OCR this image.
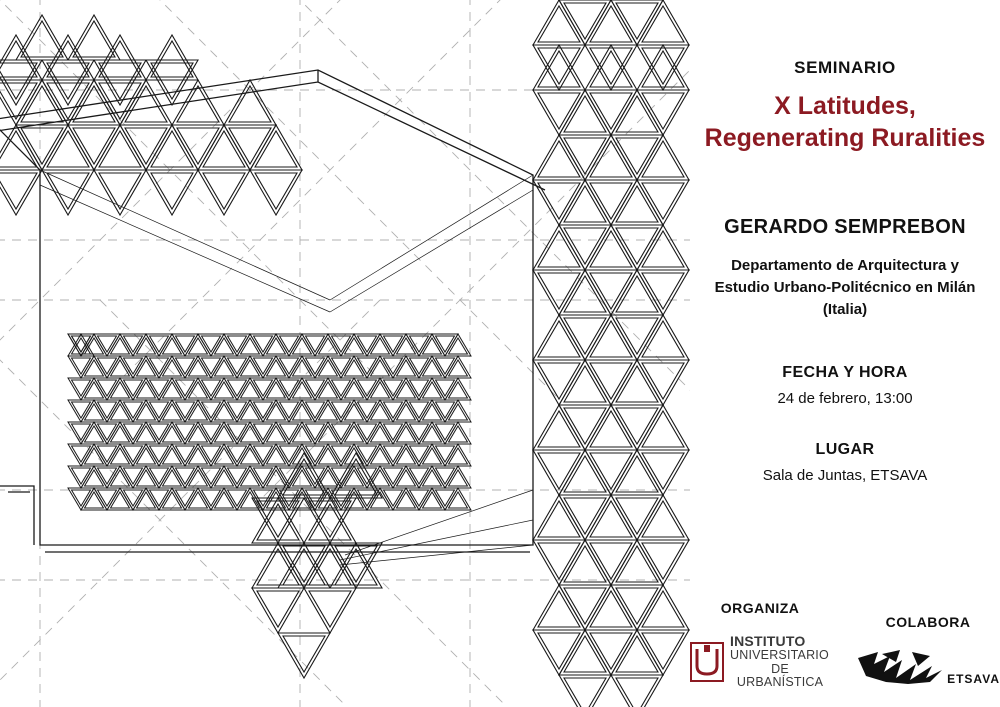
SEMINARIO
X Latitudes,
Regenerating Ruralities
GERARDO SEMPREBON
Departamento de Arquitectura y
Estudio Urbano-Politécnico en Milán
(Italia)
FECHA Y HORA
24 de febrero, 13:00
LUGAR
Sala de Juntas, ETSAVA
ORGANIZA
INSTITUTO
UNIVERSITARIO
DE URBANÍSTICA
COLABORA
ETSAVA
